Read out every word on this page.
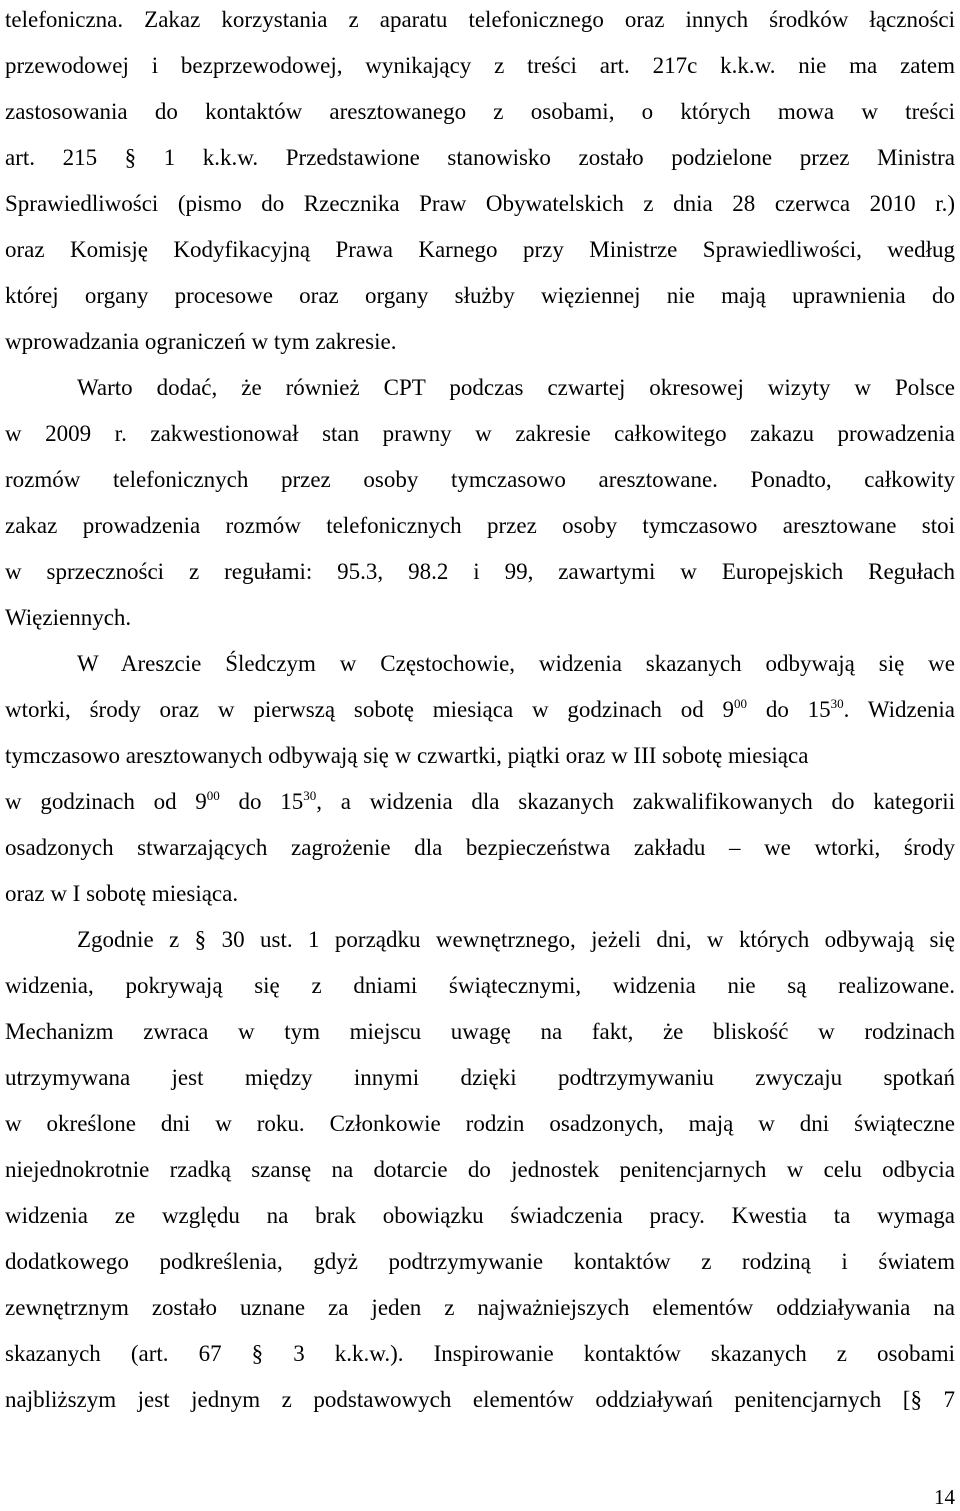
telefoniczna. Zakaz korzystania z aparatu telefonicznego oraz innych środków łączności
przewodowej i bezprzewodowej, wynikający z treści art. 217c k.k.w. nie ma zatem
zastosowania do kontaktów aresztowanego z osobami, o których mowa w treści
art. 215 § 1 k.k.w. Przedstawione stanowisko zostało podzielone przez Ministra
Sprawiedliwości (pismo do Rzecznika Praw Obywatelskich z dnia 28 czerwca 2010 r.)
oraz Komisję Kodyfikacyjną Prawa Karnego przy Ministrze Sprawiedliwości, według
której organy procesowe oraz organy służby więziennej nie mają uprawnienia do
wprowadzania ograniczeń w tym zakresie.
Warto dodać, że również CPT podczas czwartej okresowej wizyty w Polsce
w 2009 r. zakwestionował stan prawny w zakresie całkowitego zakazu prowadzenia
rozmów telefonicznych przez osoby tymczasowo aresztowane. Ponadto, całkowity
zakaz prowadzenia rozmów telefonicznych przez osoby tymczasowo aresztowane stoi
w sprzeczności z regułami: 95.3, 98.2 i 99, zawartymi w Europejskich Regułach
Więziennych.
W Areszcie Śledczym w Częstochowie, widzenia skazanych odbywają się we
wtorki, środy oraz w pierwszą sobotę miesiąca w godzinach od $9^{00}$ do $15^{30}$. Widzenia
tymczasowo aresztowanych odbywają się w czwartki, piątki oraz w III sobotę miesiąca
w godzinach od $9^{00}$ do $15^{30}$, a widzenia dla skazanych zakwalifikowanych do kategorii
osadzonych stwarzających zagrożenie dla bezpieczeństwa zakładu – we wtorki, środy
oraz w I sobotę miesiąca.
Zgodnie z § 30 ust. 1 porządku wewnętrznego, jeżeli dni, w których odbywają się
widzenia, pokrywają się z dniami świątecznymi, widzenia nie są realizowane.
Mechanizm zwraca w tym miejscu uwagę na fakt, że bliskość w rodzinach
utrzymywana jest między innymi dzięki podtrzymywaniu zwyczaju spotkań
w określone dni w roku. Członkowie rodzin osadzonych, mają w dni świąteczne
niejednokrotnie rzadką szansę na dotarcie do jednostek penitencjarnych w celu odbycia
widzenia ze względu na brak obowiązku świadczenia pracy. Kwestia ta wymaga
dodatkowego podkreślenia, gdyż podtrzymywanie kontaktów z rodziną i światem
zewnętrznym zostało uznane za jeden z najważniejszych elementów oddziaływania na
skazanych (art. 67 § 3 k.k.w.). Inspirowanie kontaktów skazanych z osobami
najbliższym jest jednym z podstawowych elementów oddziaływań penitencjarnych [§ 7
14
